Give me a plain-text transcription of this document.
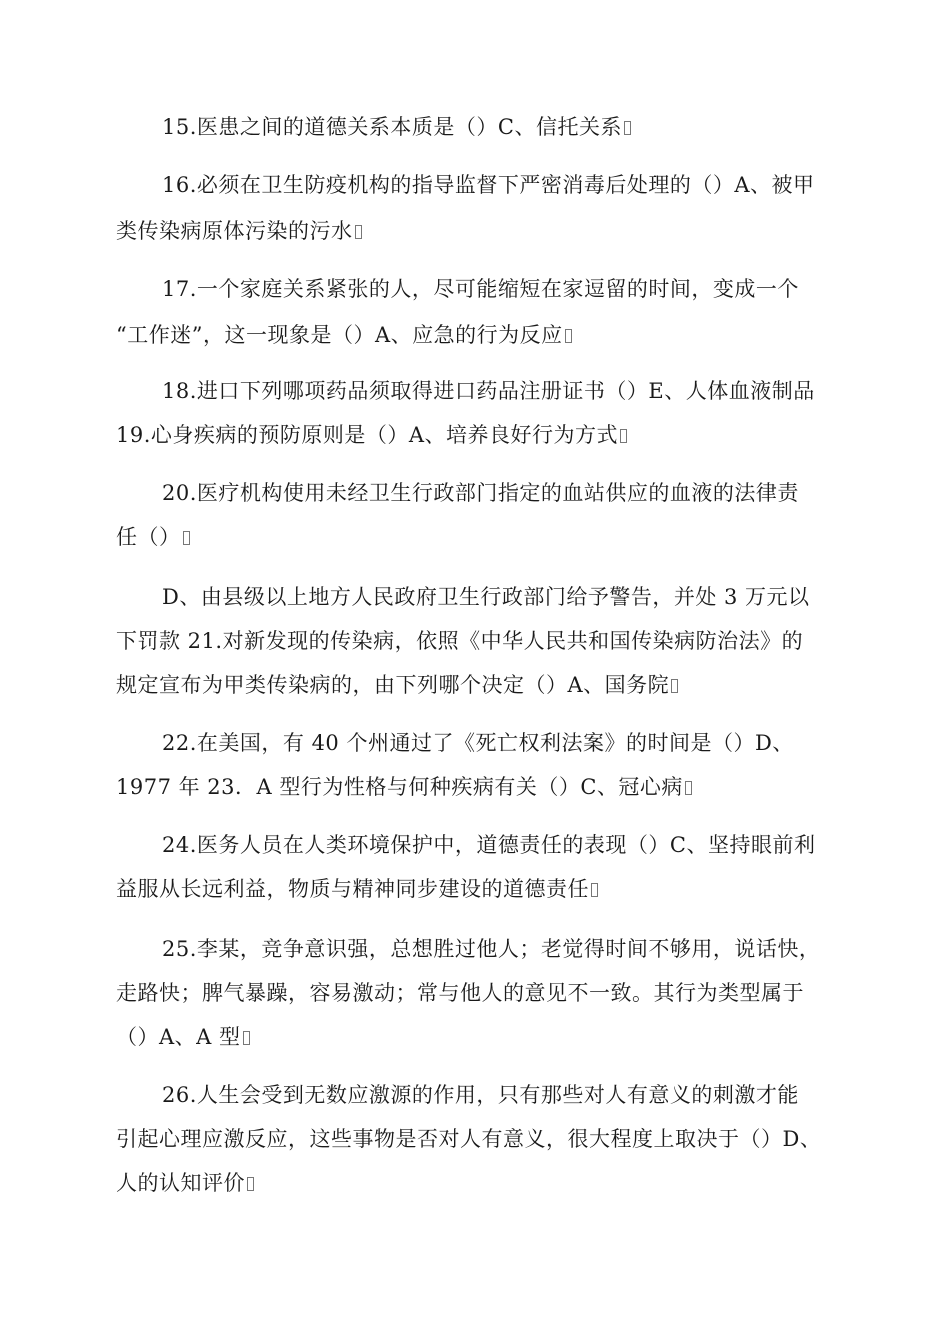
15.医患之间的道德关系本质是（）C、信托关系
16.必须在卫生防疫机构的指导监督下严密消毒后处理的（）A、被甲
类传染病原体污染的污水
17.一个家庭关系紧张的人，尽可能缩短在家逗留的时间，变成一个
“工作迷”，这一现象是（）A、应急的行为反应
18.进口下列哪项药品须取得进口药品注册证书（）E、人体血液制品
19.心身疾病的预防原则是（）A、培养良好行为方式
20.医疗机构使用未经卫生行政部门指定的血站供应的血液的法律责
任（）
D、由县级以上地方人民政府卫生行政部门给予警告，并处 3 万元以
下罚款 21.对新发现的传染病，依照《中华人民共和国传染病防治法》的
规定宣布为甲类传染病的，由下列哪个决定（）A、国务院
22.在美国，有 40 个州通过了《死亡权利法案》的时间是（）D、
1977 年 23．A 型行为性格与何种疾病有关（）C、冠心病
24.医务人员在人类环境保护中，道德责任的表现（）C、坚持眼前利
益服从长远利益，物质与精神同步建设的道德责任
25.李某，竞争意识强，总想胜过他人；老觉得时间不够用，说话快，
走路快；脾气暴躁，容易激动；常与他人的意见不一致。其行为类型属于
（）A、A 型
26.人生会受到无数应激源的作用，只有那些对人有意义的刺激才能
引起心理应激反应，这些事物是否对人有意义，很大程度上取决于（）D、
人的认知评价
